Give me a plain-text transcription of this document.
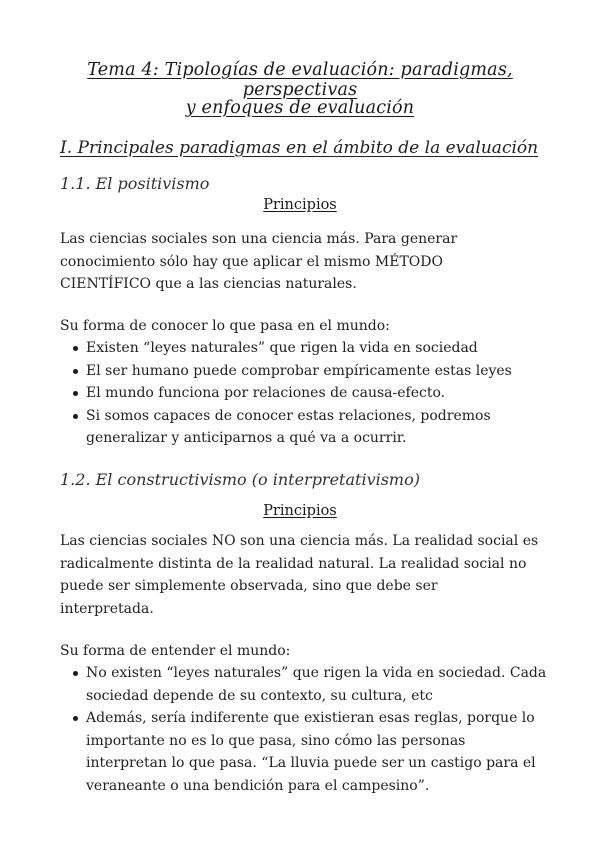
Tema 4: Tipologías de evaluación: paradigmas, perspectivas
y enfoques de evaluación
I. Principales paradigmas en el ámbito de la evaluación
1.1. El positivismo
Principios

Las ciencias sociales son una ciencia más. Para generar

conocimiento sólo hay que aplicar el mismo MÉTODO

CIENTÍFICO que a las ciencias naturales.

Su forma de conocer lo que pasa en el mundo:

Existen “leyes naturales” que rigen la vida en sociedad
El ser humano puede comprobar empíricamente estas leyes
El mundo funciona por relaciones de causa-efecto.
Si somos capaces de conocer estas relaciones, podremos
generalizar y anticiparnos a qué va a ocurrir.
1.2. El constructivismo (o interpretativismo)
Principios

Las ciencias sociales NO son una ciencia más. La realidad social es

radicalmente distinta de la realidad natural. La realidad social no

puede ser simplemente observada, sino que debe ser

interpretada.

Su forma de entender el mundo:

No existen “leyes naturales” que rigen la vida en sociedad. Cada
sociedad depende de su contexto, su cultura, etc
Además, sería indiferente que existieran esas reglas, porque lo
importante no es lo que pasa, sino cómo las personas
interpretan lo que pasa. “La lluvia puede ser un castigo para el
veraneante o una bendición para el campesino”.
